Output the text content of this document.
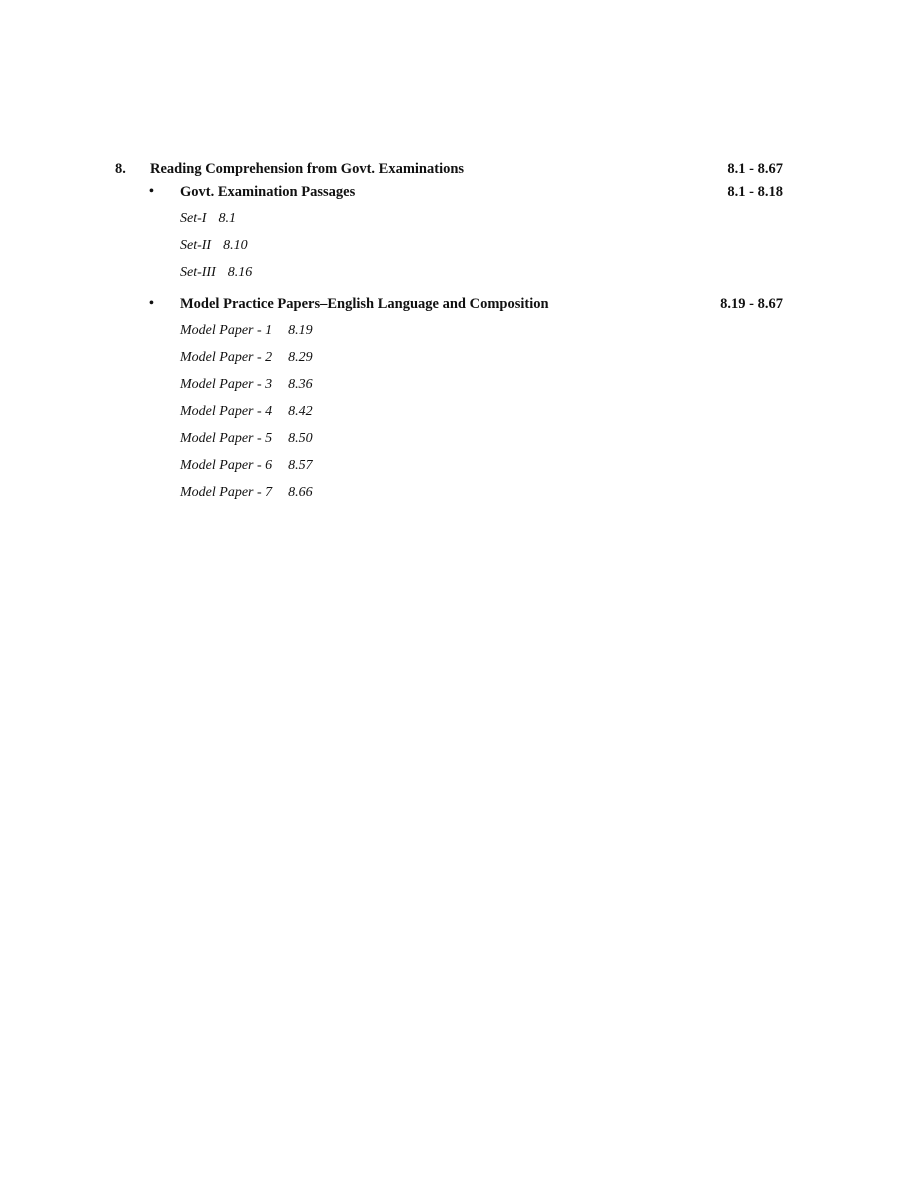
8. Reading Comprehension from Govt. Examinations	8.1 - 8.67
• Govt. Examination Passages	8.1 - 8.18
Set-I 8.1
Set-II 8.10
Set-III 8.16
• Model Practice Papers–English Language and Composition	8.19 - 8.67
Model Paper - 1 8.19
Model Paper - 2 8.29
Model Paper - 3 8.36
Model Paper - 4 8.42
Model Paper - 5 8.50
Model Paper - 6 8.57
Model Paper - 7 8.66
